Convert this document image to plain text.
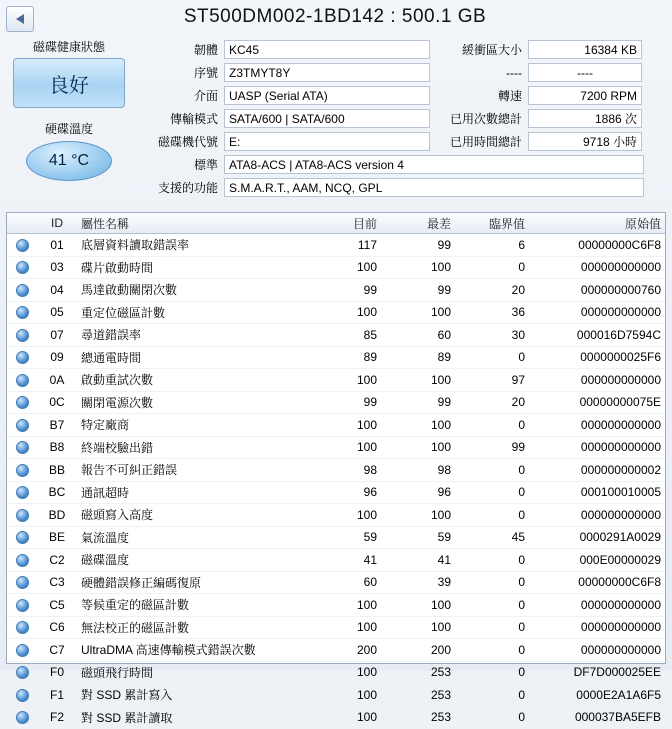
ST500DM002-1BD142 : 500.1 GB
磁碟健康狀態
良好
硬碟溫度
41 °C
韌體 KC45	緩衝區大小	16384 KB
序號 Z3TMYT8Y	----	----
介面 UASP (Serial ATA)	轉速	7200 RPM
傳輸模式 SATA/600 | SATA/600	已用次數總計	1886 次
磁碟機代號 E:	已用時間總計	9718 小時
標準 ATA8-ACS | ATA8-ACS version 4
支援的功能 S.M.A.R.T., AAM, NCQ, GPL
	ID	屬性名稱	目前	最差	臨界值	原始值
	01	底層資料讀取錯誤率	117	99	6	00000000C6F8
	03	碟片啟動時間	100	100	0	000000000000
	04	馬達啟動關閉次數	99	99	20	000000000760
	05	重定位磁區計數	100	100	36	000000000000
	07	尋道錯誤率	85	60	30	000016D7594C
	09	總通電時間	89	89	0	0000000025F6
	0A	啟動重試次數	100	100	97	000000000000
	0C	關閉電源次數	99	99	20	00000000075E
	B7	特定廠商	100	100	0	000000000000
	B8	終端校驗出錯	100	100	99	000000000000
	BB	報告不可糾正錯誤	98	98	0	000000000002
	BC	通訊超時	96	96	0	000100010005
	BD	磁頭寫入高度	100	100	0	000000000000
	BE	氣流溫度	59	59	45	0000291A0029
	C2	磁碟溫度	41	41	0	000E00000029
	C3	硬體錯誤修正編碼復原	60	39	0	00000000C6F8
	C5	等候重定的磁區計數	100	100	0	000000000000
	C6	無法校正的磁區計數	100	100	0	000000000000
	C7	UltraDMA 高速傳輸模式錯誤次數	200	200	0	000000000000
	F0	磁頭飛行時間	100	253	0	DF7D000025EE
	F1	對 SSD 累計寫入	100	253	0	0000E2A1A6F5
	F2	對 SSD 累計讀取	100	253	0	000037BA5EFB
